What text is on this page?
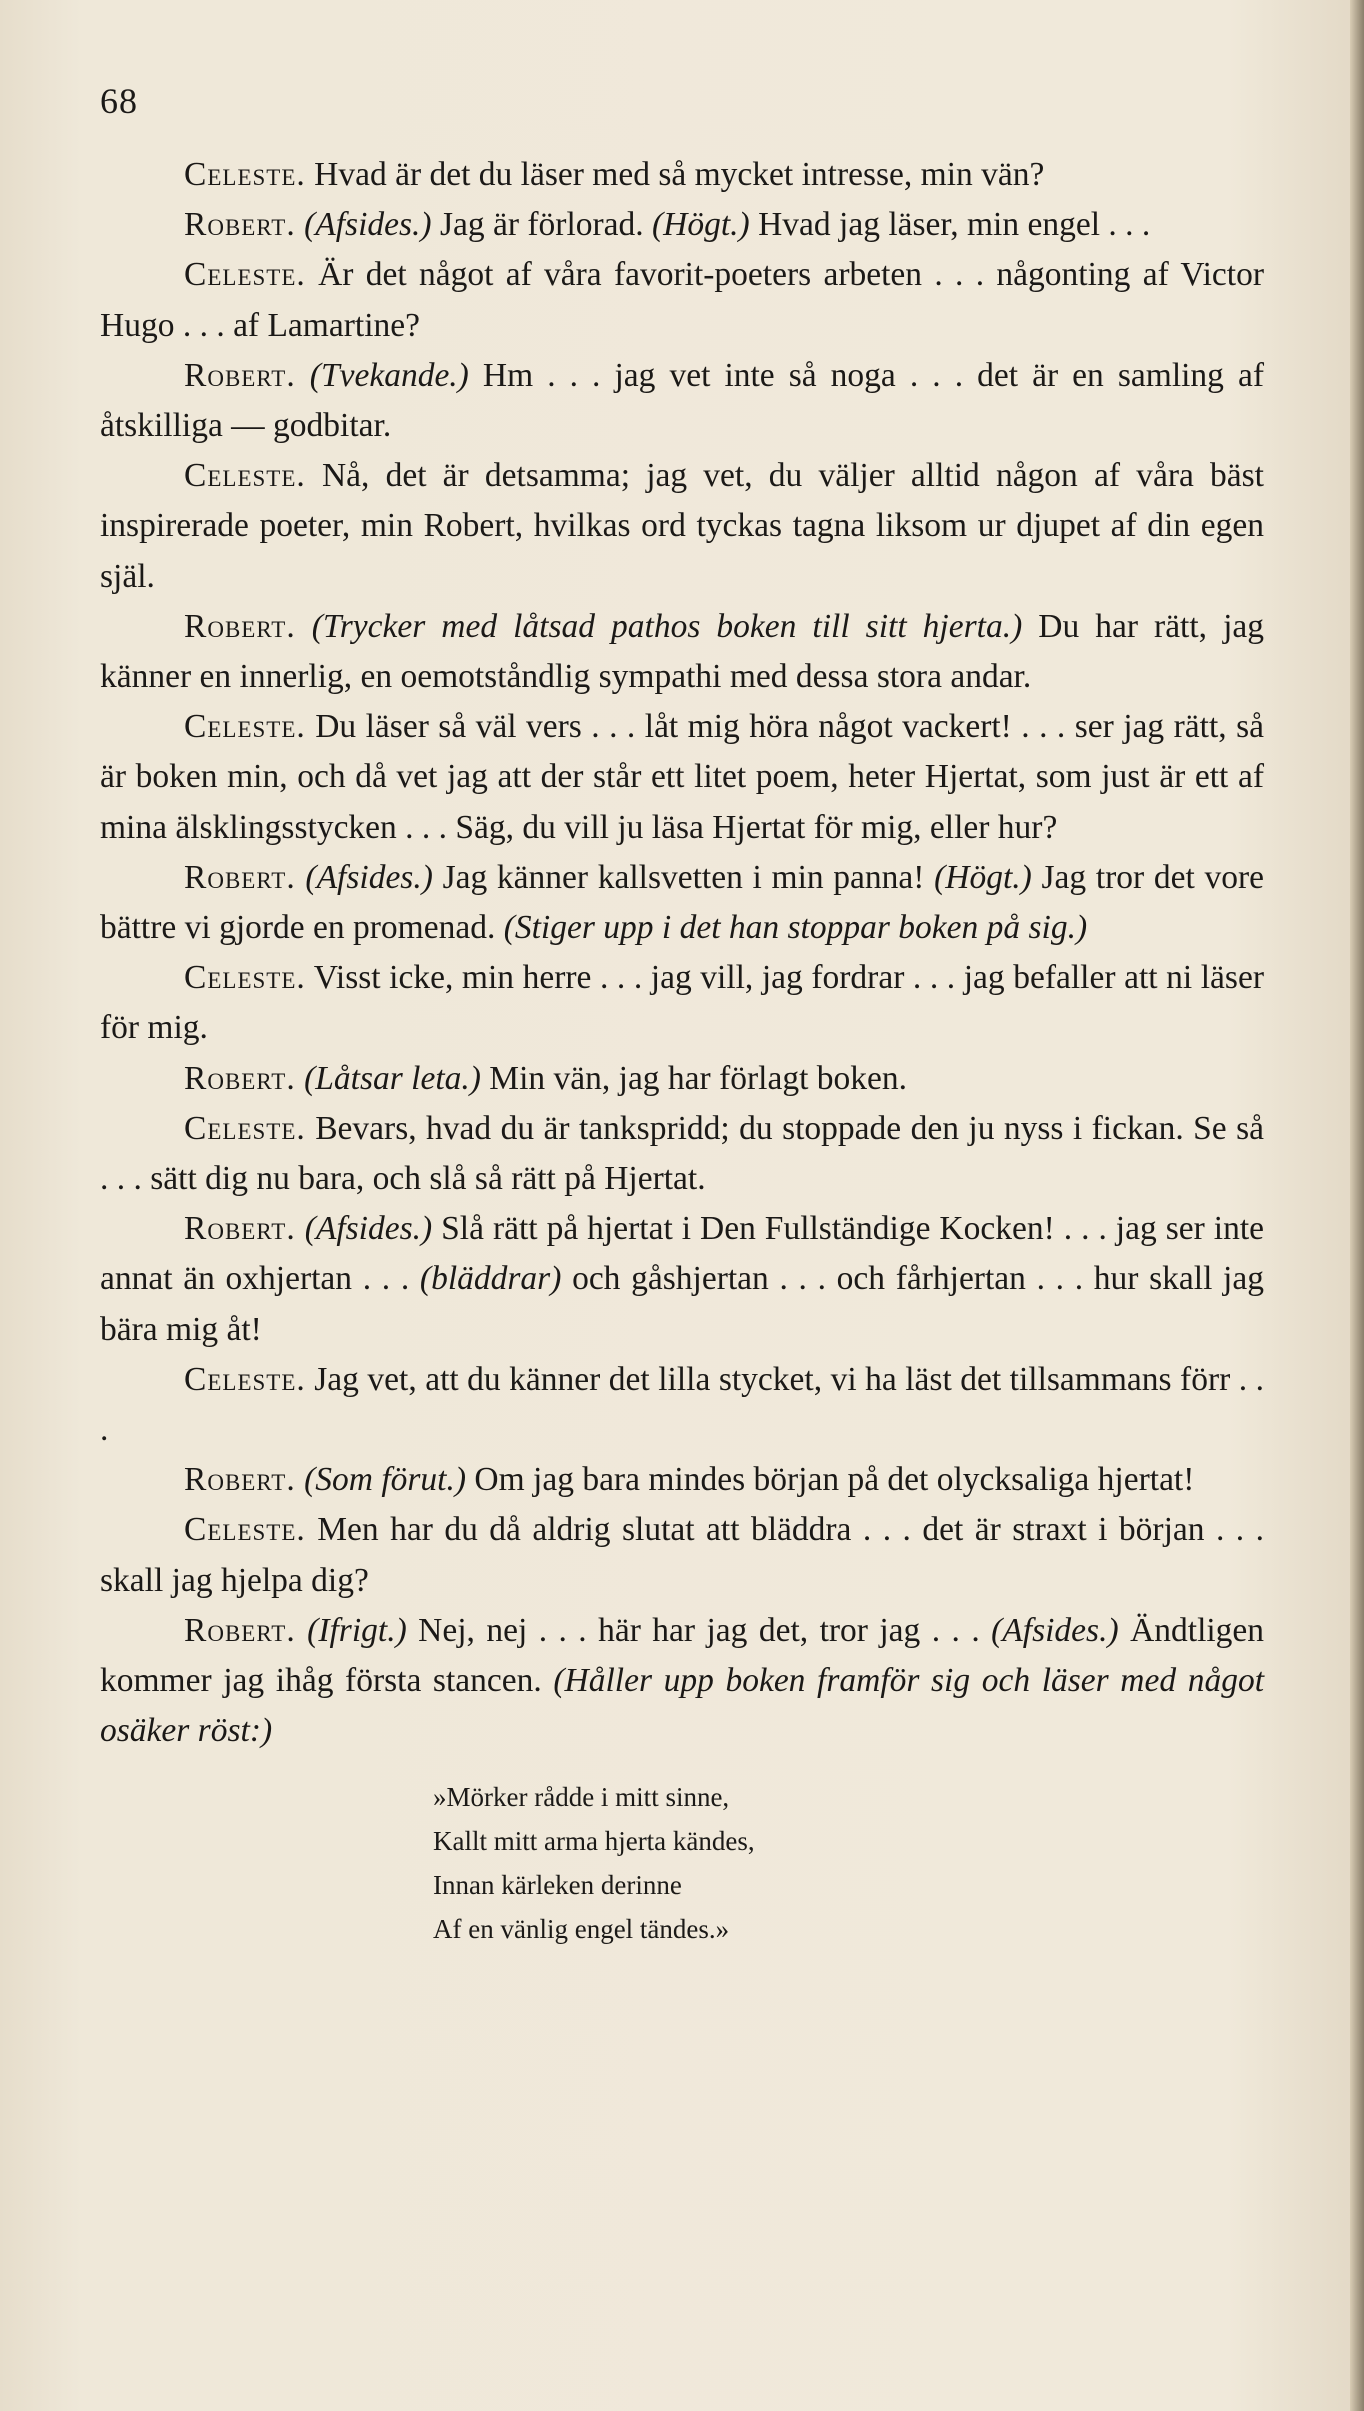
68

Celeste. Hvad är det du läser med så mycket intresse, min vän?

Robert. (Afsides.) Jag är förlorad. (Högt.) Hvad jag läser, min engel . . .

Celeste. Är det något af våra favorit-poeters arbeten . . . någonting af Victor Hugo . . . af Lamartine?

Robert. (Tvekande.) Hm . . . jag vet inte så noga . . . det är en samling af åtskilliga — godbitar.

Celeste. Nå, det är detsamma; jag vet, du väljer alltid någon af våra bäst inspirerade poeter, min Robert, hvilkas ord tyckas tagna liksom ur djupet af din egen själ.

Robert. (Trycker med låtsad pathos boken till sitt hjerta.) Du har rätt, jag känner en innerlig, en oemotståndlig sympathi med dessa stora andar.

Celeste. Du läser så väl vers . . . låt mig höra något vackert! . . . ser jag rätt, så är boken min, och då vet jag att der står ett litet poem, heter Hjertat, som just är ett af mina älsklingsstycken . . . Säg, du vill ju läsa Hjertat för mig, eller hur?

Robert. (Afsides.) Jag känner kallsvetten i min panna! (Högt.) Jag tror det vore bättre vi gjorde en promenad. (Stiger upp i det han stoppar boken på sig.)

Celeste. Visst icke, min herre . . . jag vill, jag fordrar . . . jag befaller att ni läser för mig.

Robert. (Låtsar leta.) Min vän, jag har förlagt boken.

Celeste. Bevars, hvad du är tankspridd; du stoppade den ju nyss i fickan. Se så . . . sätt dig nu bara, och slå så rätt på Hjertat.

Robert. (Afsides.) Slå rätt på hjertat i Den Fullständige Kocken! . . . jag ser inte annat än oxhjertan . . . (bläddrar) och gåshjertan . . . och fårhjertan . . . hur skall jag bära mig åt!

Celeste. Jag vet, att du känner det lilla stycket, vi ha läst det tillsammans förr . . .

Robert. (Som förut.) Om jag bara mindes början på det olycksaliga hjertat!

Celeste. Men har du då aldrig slutat att bläddra . . . det är straxt i början . . . skall jag hjelpa dig?

Robert. (Ifrigt.) Nej, nej . . . här har jag det, tror jag . . . (Afsides.) Ändtligen kommer jag ihåg första stancen. (Håller upp boken framför sig och läser med något osäker röst:)

»Mörker rådde i mitt sinne,
Kallt mitt arma hjerta kändes,
Innan kärleken derinne
Af en vänlig engel tändes.»
